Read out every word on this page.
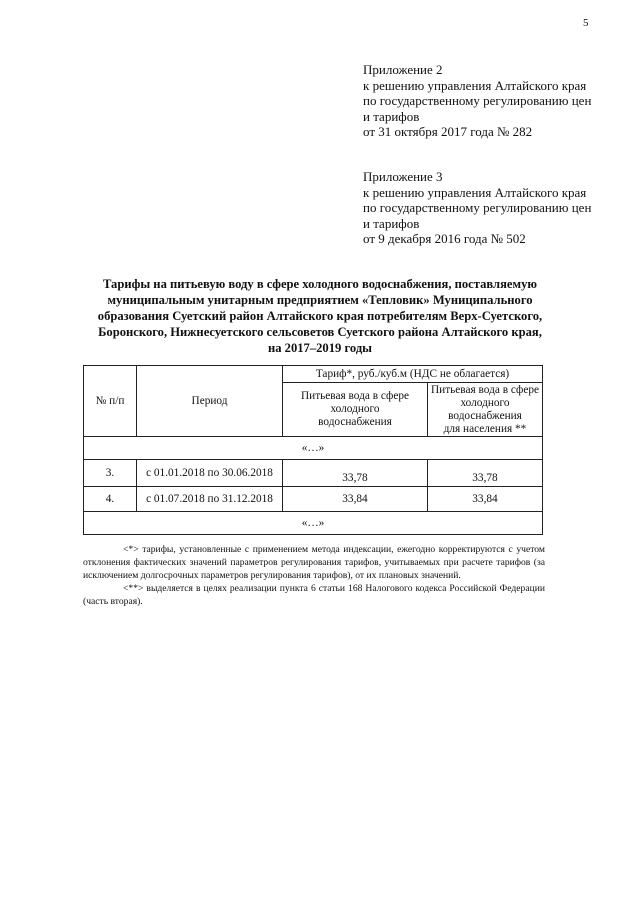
5
Приложение 2
к решению управления Алтайского края
по государственному регулированию цен
и тарифов
от 31 октября 2017 года № 282
Приложение 3
к решению управления Алтайского края
по государственному регулированию цен
и тарифов
от 9 декабря 2016 года № 502
Тарифы на питьевую воду в сфере холодного водоснабжения, поставляемую
муниципальным унитарным предприятием «Тепловик» Муниципального
образования Суетский район Алтайского края потребителям Верх-Суетского,
Боронского, Нижнесуетского сельсоветов Суетского района Алтайского края,
на 2017–2019 годы
№ п/п	Период	Тариф*, руб./куб.м (НДС не облагается)	
		Питьевая вода в сфере холодного водоснабжения	Питьевая вода в сфере
холодного водоснабжения
для населения **

«…»			
3.	с 01.01.2018 по 30.06.2018	33,78	33,78
4.	с 01.07.2018 по 31.12.2018	33,84	33,84
«…»			

<*> тарифы, установленные с применением метода индексации, ежегодно корректируются с учетом отклонения фактических значений параметров регулирования тарифов, учитываемых при расчете тарифов (за исключением долгосрочных параметров регулирования тарифов), от их плановых значений.

<**> выделяется в целях реализации пункта 6 статьи 168 Налогового кодекса Российской Федерации (часть вторая).
